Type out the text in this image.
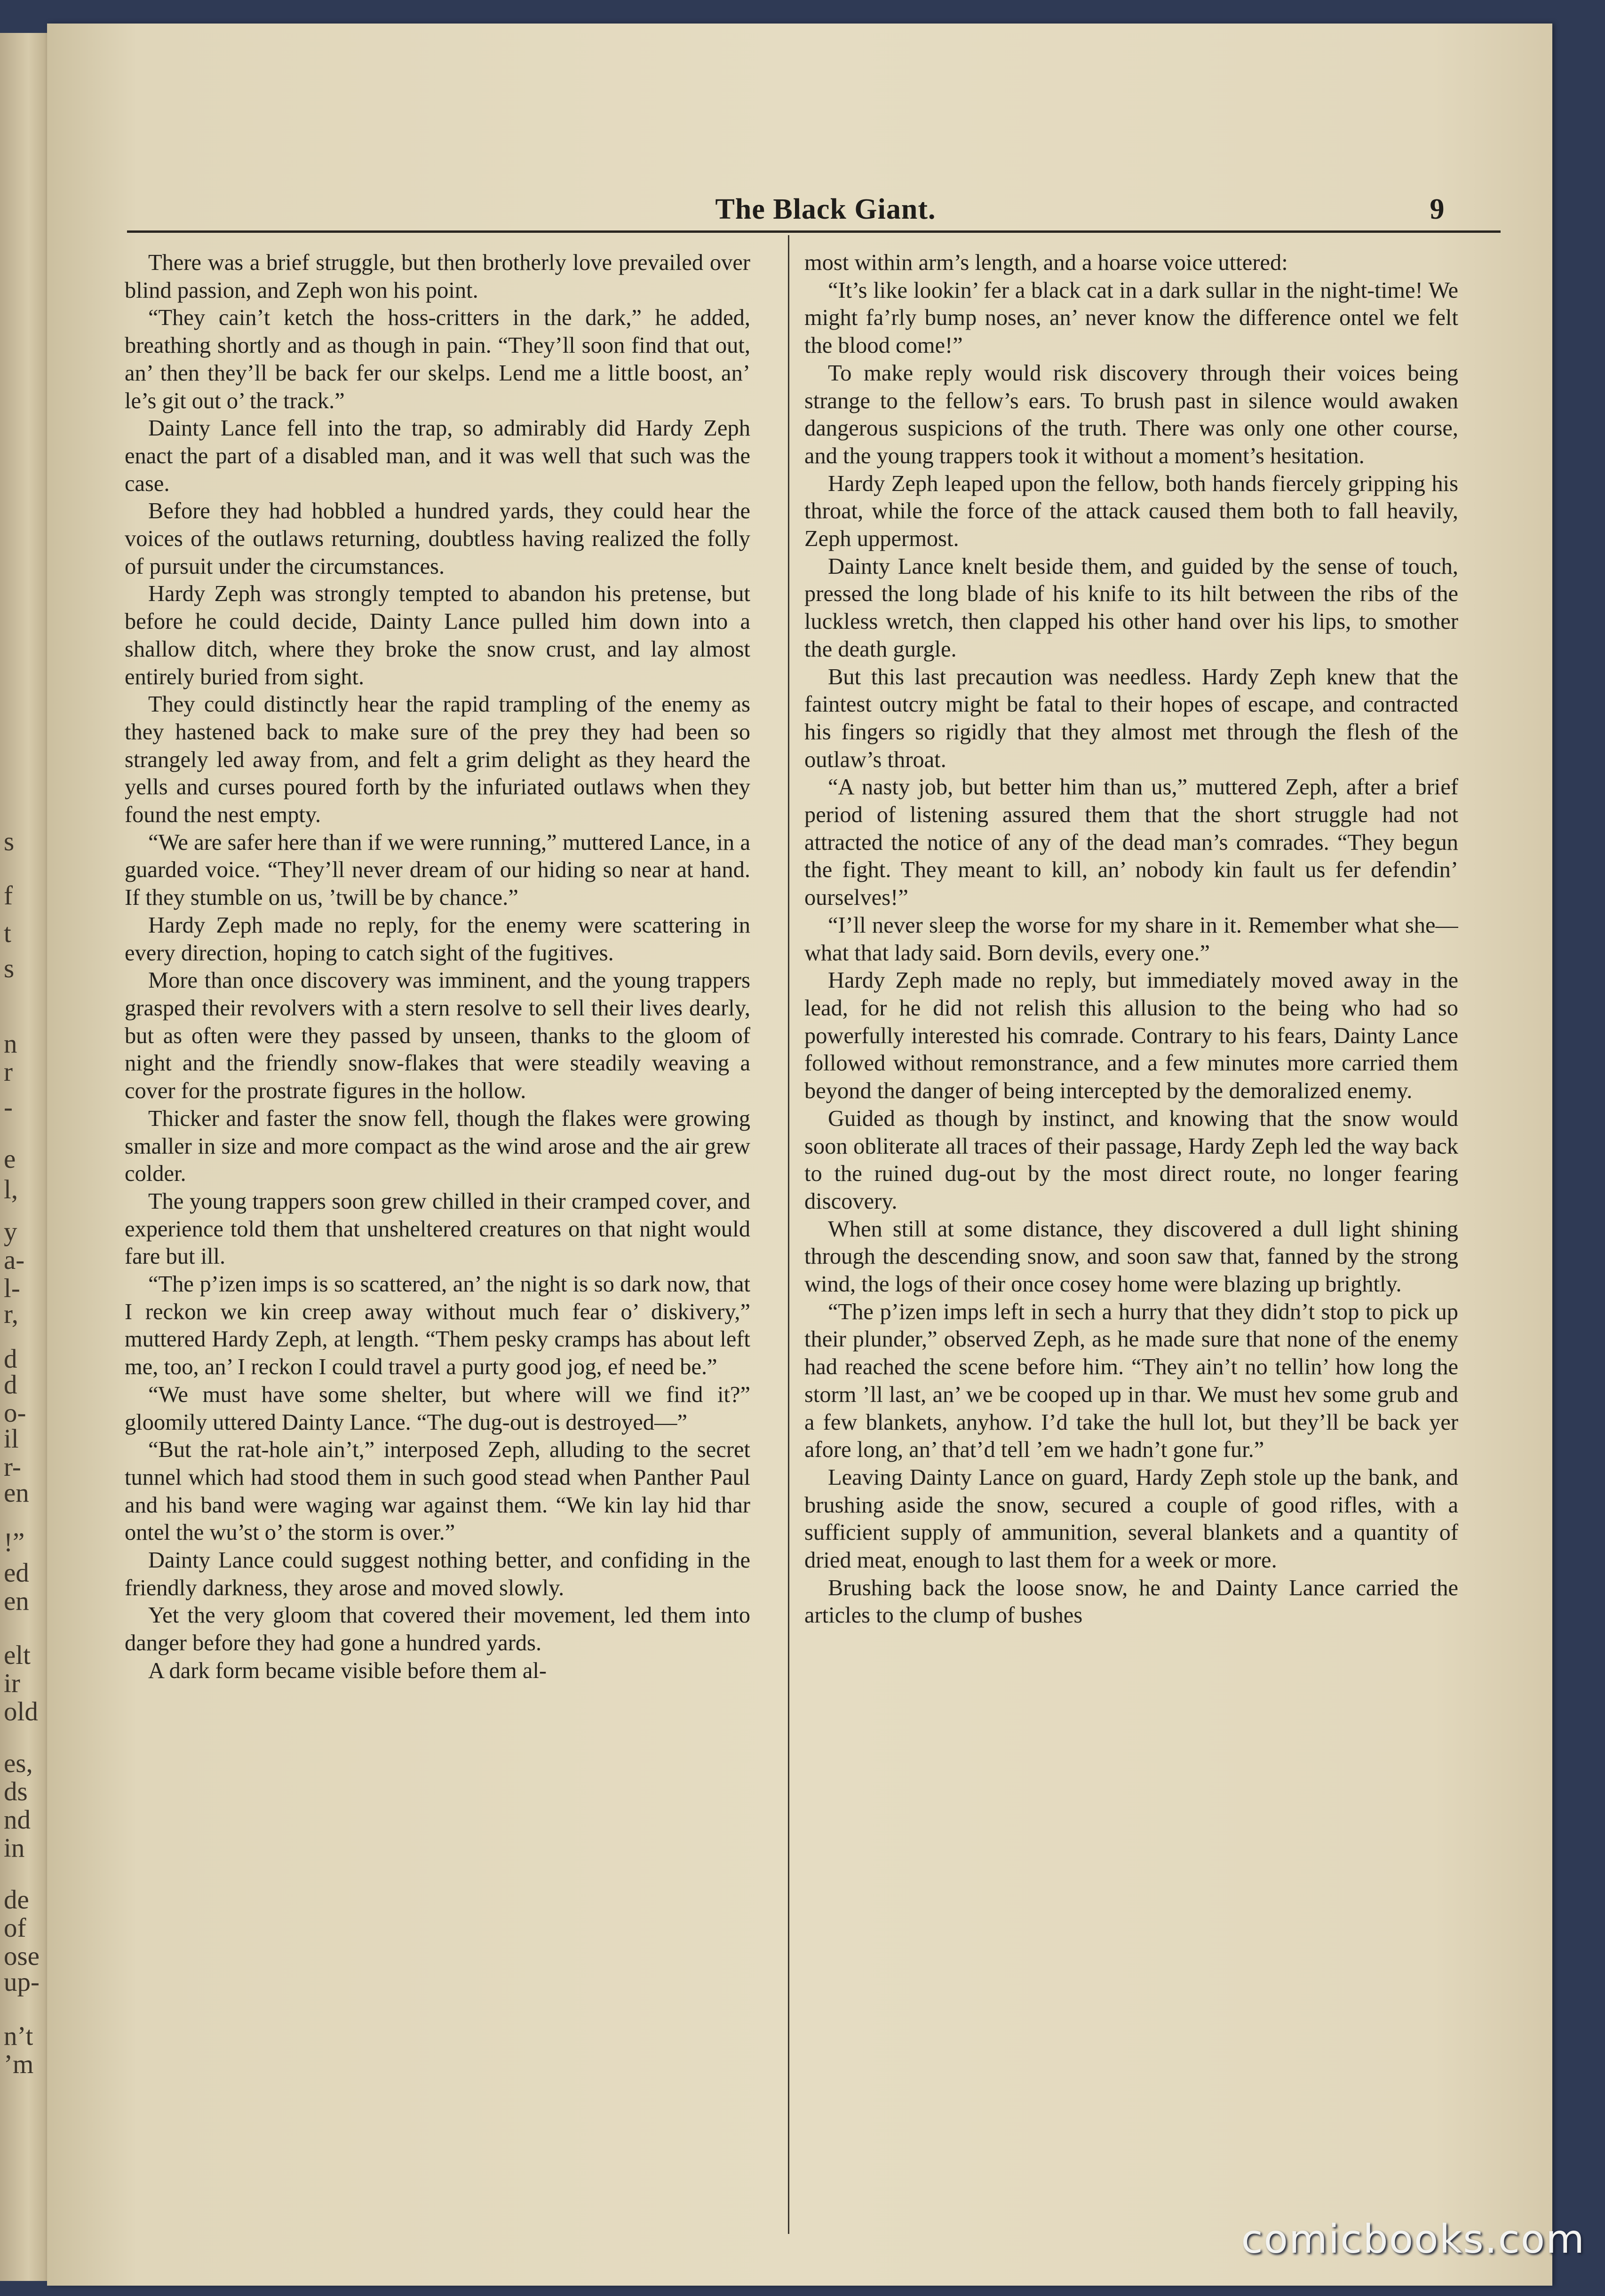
s
f
t
s
n
r
-
e
l,
y
a-
l-
r,
d
d
o-
il
r-
en
!”
ed
en
elt
ir
old
es,
ds
nd
in
de
of
ose
up-
n’t
’m
The Black Giant.	9

There was a brief struggle, but then brotherly love prevailed over blind passion, and Zeph won his point.

“They cain’t ketch the hoss-critters in the dark,” he added, breathing shortly and as though in pain. “They’ll soon find that out, an’ then they’ll be back fer our skelps. Lend me a little boost, an’ le’s git out o’ the track.”

Dainty Lance fell into the trap, so admirably did Hardy Zeph enact the part of a disabled man, and it was well that such was the case.

Before they had hobbled a hundred yards, they could hear the voices of the outlaws returning, doubtless having realized the folly of pursuit under the circumstances.

Hardy Zeph was strongly tempted to abandon his pretense, but before he could decide, Dainty Lance pulled him down into a shallow ditch, where they broke the snow crust, and lay almost entirely buried from sight.

They could distinctly hear the rapid trampling of the enemy as they hastened back to make sure of the prey they had been so strangely led away from, and felt a grim delight as they heard the yells and curses poured forth by the infuriated outlaws when they found the nest empty.

“We are safer here than if we were running,” muttered Lance, in a guarded voice. “They’ll never dream of our hiding so near at hand. If they stumble on us, ’twill be by chance.”

Hardy Zeph made no reply, for the enemy were scattering in every direction, hoping to catch sight of the fugitives.

More than once discovery was imminent, and the young trappers grasped their revolvers with a stern resolve to sell their lives dearly, but as often were they passed by unseen, thanks to the gloom of night and the friendly snow-flakes that were steadily weaving a cover for the prostrate figures in the hollow.

Thicker and faster the snow fell, though the flakes were growing smaller in size and more compact as the wind arose and the air grew colder.

The young trappers soon grew chilled in their cramped cover, and experience told them that unsheltered creatures on that night would fare but ill.

“The p’izen imps is so scattered, an’ the night is so dark now, that I reckon we kin creep away without much fear o’ diskivery,” muttered Hardy Zeph, at length. “Them pesky cramps has about left me, too, an’ I reckon I could travel a purty good jog, ef need be.”

“We must have some shelter, but where will we find it?” gloomily uttered Dainty Lance. “The dug-out is destroyed—”

“But the rat-hole ain’t,” interposed Zeph, alluding to the secret tunnel which had stood them in such good stead when Panther Paul and his band were waging war against them. “We kin lay hid thar ontel the wu’st o’ the storm is over.”

Dainty Lance could suggest nothing better, and confiding in the friendly darkness, they arose and moved slowly.

Yet the very gloom that covered their movement, led them into danger before they had gone a hundred yards.

A dark form became visible before them al-

most within arm’s length, and a hoarse voice uttered:

“It’s like lookin’ fer a black cat in a dark sullar in the night-time! We might fa’rly bump noses, an’ never know the difference ontel we felt the blood come!”

To make reply would risk discovery through their voices being strange to the fellow’s ears. To brush past in silence would awaken dangerous suspicions of the truth. There was only one other course, and the young trappers took it without a moment’s hesitation.

Hardy Zeph leaped upon the fellow, both hands fiercely gripping his throat, while the force of the attack caused them both to fall heavily, Zeph uppermost.

Dainty Lance knelt beside them, and guided by the sense of touch, pressed the long blade of his knife to its hilt between the ribs of the luckless wretch, then clapped his other hand over his lips, to smother the death gurgle.

But this last precaution was needless. Hardy Zeph knew that the faintest outcry might be fatal to their hopes of escape, and contracted his fingers so rigidly that they almost met through the flesh of the outlaw’s throat.

“A nasty job, but better him than us,” muttered Zeph, after a brief period of listening assured them that the short struggle had not attracted the notice of any of the dead man’s comrades. “They begun the fight. They meant to kill, an’ nobody kin fault us fer defendin’ ourselves!”

“I’ll never sleep the worse for my share in it. Remember what she—what that lady said. Born devils, every one.”

Hardy Zeph made no reply, but immediately moved away in the lead, for he did not relish this allusion to the being who had so powerfully interested his comrade. Contrary to his fears, Dainty Lance followed without remonstrance, and a few minutes more carried them beyond the danger of being intercepted by the demoralized enemy.

Guided as though by instinct, and knowing that the snow would soon obliterate all traces of their passage, Hardy Zeph led the way back to the ruined dug-out by the most direct route, no longer fearing discovery.

When still at some distance, they discovered a dull light shining through the descending snow, and soon saw that, fanned by the strong wind, the logs of their once cosey home were blazing up brightly.

“The p’izen imps left in sech a hurry that they didn’t stop to pick up their plunder,” observed Zeph, as he made sure that none of the enemy had reached the scene before him. “They ain’t no tellin’ how long the storm ’ll last, an’ we be cooped up in thar. We must hev some grub and a few blankets, anyhow. I’d take the hull lot, but they’ll be back yer afore long, an’ that’d tell ’em we hadn’t gone fur.”

Leaving Dainty Lance on guard, Hardy Zeph stole up the bank, and brushing aside the snow, secured a couple of good rifles, with a sufficient supply of ammunition, several blankets and a quantity of dried meat, enough to last them for a week or more.

Brushing back the loose snow, he and Dainty Lance carried the articles to the clump of bushes

comicbooks.com
